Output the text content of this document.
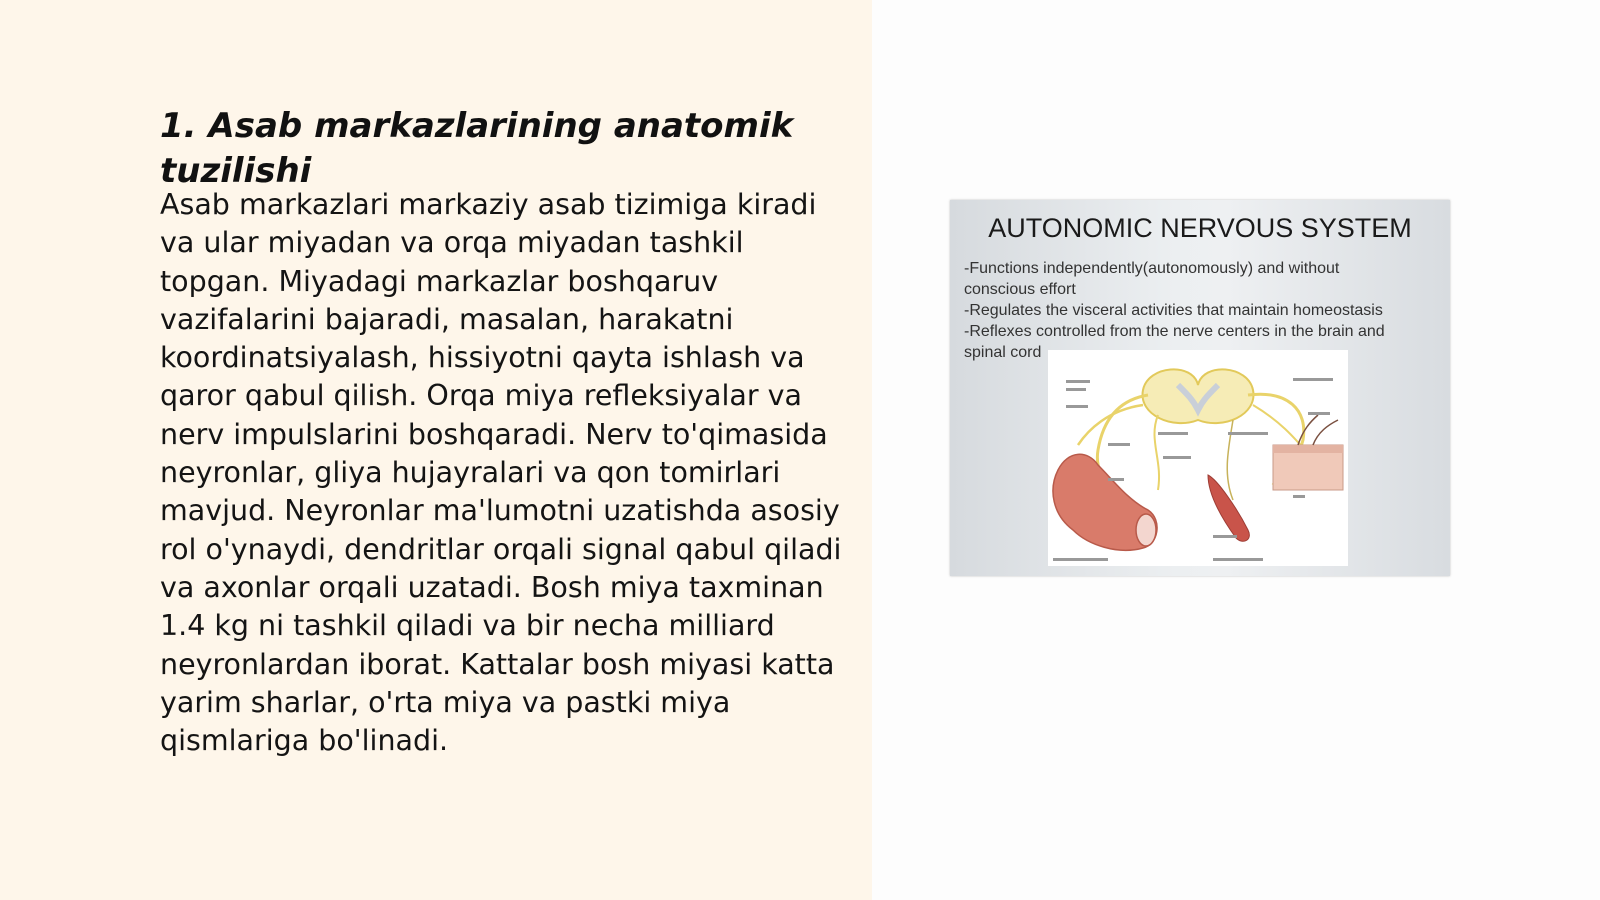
1. Asab markazlarining anatomik tuzilishi

Asab markazlari markaziy asab tizimiga kiradi va ular miyadan va orqa miyadan tashkil topgan. Miyadagi markazlar boshqaruv vazifalarini bajaradi, masalan, harakatni koordinatsiyalash, hissiyotni qayta ishlash va qaror qabul qilish. Orqa miya refleksiyalar va nerv impulslarini boshqaradi. Nerv to'qimasida neyronlar, gliya hujayralari va qon tomirlari mavjud. Neyronlar ma'lumotni uzatishda asosiy rol o'ynaydi, dendritlar orqali signal qabul qiladi va axonlar orqali uzatadi. Bosh miya taxminan 1.4 kg ni tashkil qiladi va bir necha milliard neyronlardan iborat. Kattalar bosh miyasi katta yarim sharlar, o'rta miya va pastki miya qismlariga bo'linadi.

AUTONOMIC NERVOUS SYSTEM
-Functions independently(autonomously) and without
conscious effort
-Regulates the visceral activities that maintain homeostasis
-Reflexes controlled from the nerve centers in the brain and
spinal cord
